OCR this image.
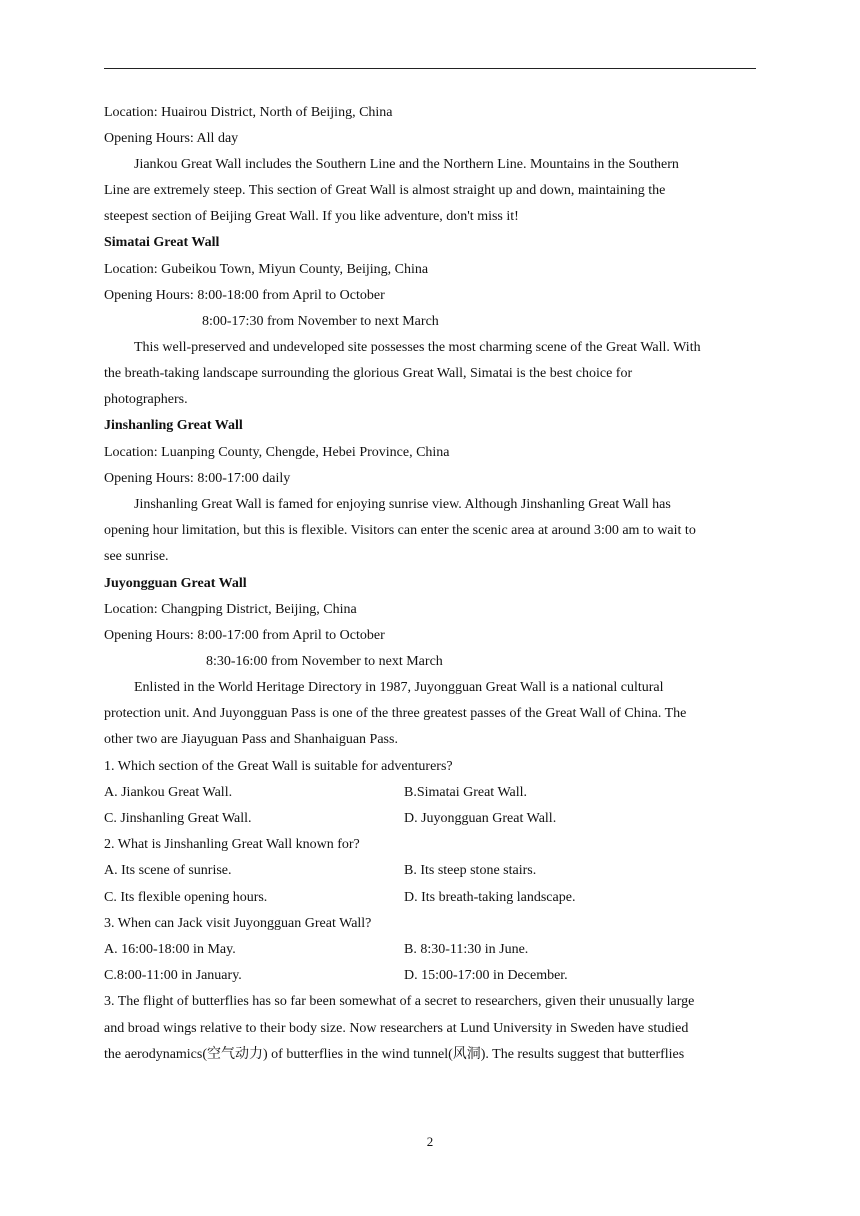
Location: Huairou District, North of Beijing, China
Opening Hours: All day
Jiankou Great Wall includes the Southern Line and the Northern Line. Mountains in the Southern
Line are extremely steep. This section of Great Wall is almost straight up and down, maintaining the
steepest section of Beijing Great Wall. If you like adventure, don't miss it!
Simatai Great Wall
Location: Gubeikou Town, Miyun County, Beijing, China
Opening Hours: 8:00-18:00 from April to October
8:00-17:30 from November to next March
This well-preserved and undeveloped site possesses the most charming scene of the Great Wall. With
the breath-taking landscape surrounding the glorious Great Wall, Simatai is the best choice for
photographers.
Jinshanling Great Wall
Location: Luanping County, Chengde, Hebei Province, China
Opening Hours: 8:00-17:00 daily
Jinshanling Great Wall is famed for enjoying sunrise view. Although Jinshanling Great Wall has
opening hour limitation, but this is flexible. Visitors can enter the scenic area at around 3:00 am to wait to
see sunrise.
Juyongguan Great Wall
Location: Changping District, Beijing, China
Opening Hours: 8:00-17:00 from April to October
8:30-16:00 from November to next March
Enlisted in the World Heritage Directory in 1987, Juyongguan Great Wall is a national cultural
protection unit. And Juyongguan Pass is one of the three greatest passes of the Great Wall of China. The
other two are Jiayuguan Pass and Shanhaiguan Pass.
1. Which section of the Great Wall is suitable for adventurers?
A. Jiankou Great Wall.	B.Simatai Great Wall.
C. Jinshanling Great Wall.	D. Juyongguan Great Wall.
2. What is Jinshanling Great Wall known for?
A. Its scene of sunrise.	B. Its steep stone stairs.
C. Its flexible opening hours.	D. Its breath-taking landscape.
3. When can Jack visit Juyongguan Great Wall?
A. 16:00-18:00 in May.	B. 8:30-11:30 in June.
C.8:00-11:00 in January.	D. 15:00-17:00 in December.
3. The flight of butterflies has so far been somewhat of a secret to researchers, given their unusually large
and broad wings relative to their body size. Now researchers at Lund University in Sweden have studied
the aerodynamics(空气动力) of butterflies in the wind tunnel(风洞). The results suggest that butterflies
2
